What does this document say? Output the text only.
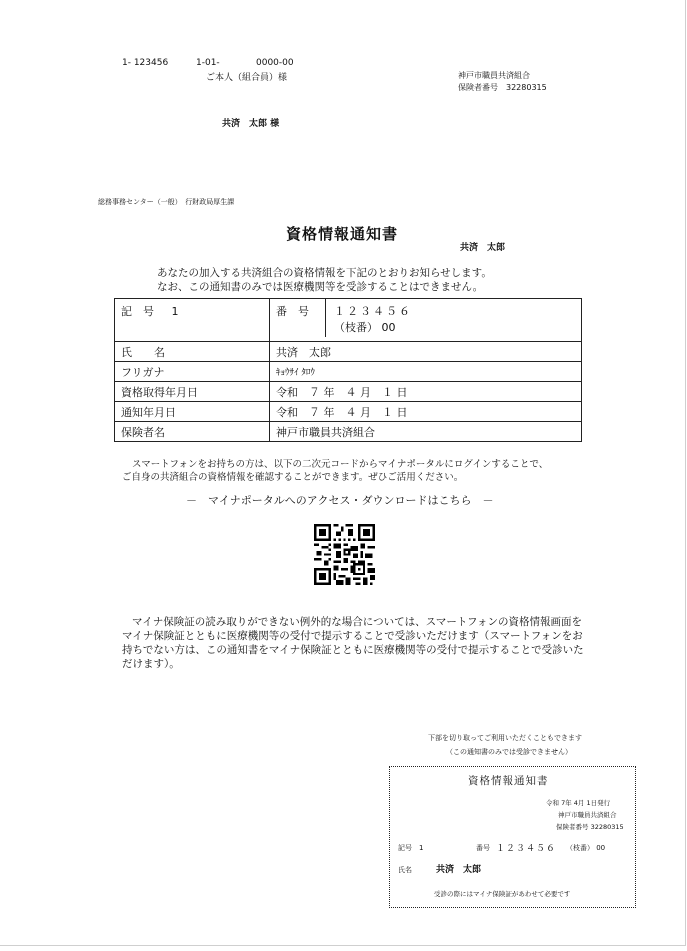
1- 123456	1-01-	0000-00
ご本人（組合員）様
共済　太郎 様
神戸市職員共済組合
保険者番号　32280315
総務事務センター（一般）　行財政局厚生課
資格情報通知書
共済　太郎
あなたの加入する共済組合の資格情報を下記のとおりお知らせします。
なお、この通知書のみでは医療機関等を受診することはできません。
記　号 1	番　号 １２３４５６
（枝番） 00

氏　　名	共済　太郎
フリガナ	ｷｮｳｻｲ ﾀﾛｳ
資格取得年月日	令和　７ 年　４ 月　１ 日
通知年月日	令和　７ 年　４ 月　１ 日
保険者名	神戸市職員共済組合
スマートフォンをお持ちの方は、以下の二次元コードからマイナポータルにログインすることで、
ご自身の共済組合の資格情報を確認することができます。ぜひご活用ください。
－　マイナポータルへのアクセス・ダウンロードはこちら　－
マイナ保険証の読み取りができない例外的な場合については、スマートフォンの資格情報画面を
マイナ保険証とともに医療機関等の受付で提示することで受診いただけます（スマートフォンをお
持ちでない方は、この通知書をマイナ保険証とともに医療機関等の受付で提示することで受診いた
だけます）。
下部を切り取ってご利用いただくこともできます
（この通知書のみでは受診できません）
資格情報通知書
令和 7年 4月 1日発行
神戸市職員共済組合
保険者番号 32280315
記号　1	番号 １２３４５６ （枝番） 00
氏名	共済　太郎
受診の際にはマイナ保険証があわせて必要です
